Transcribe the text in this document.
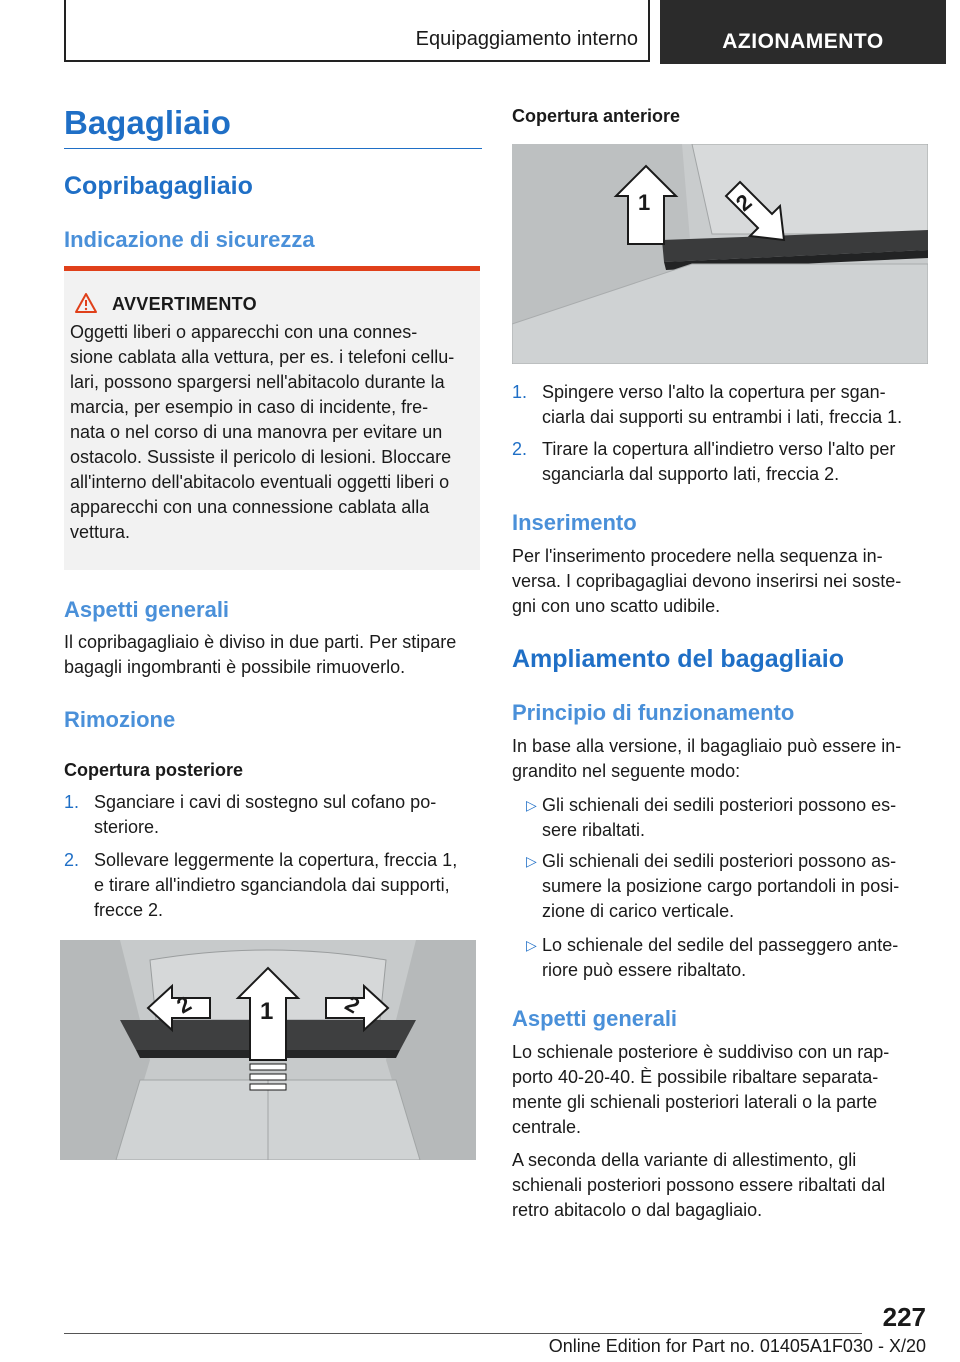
Equipaggiamento interno	AZIONAMENTO
Bagagliaio
Copribagagliaio
Indicazione di sicurezza
AVVERTIMENTO
Oggetti liberi o apparecchi con una connes-
sione cablata alla vettura, per es. i telefoni cellu-
lari, possono spargersi nell'abitacolo durante la
marcia, per esempio in caso di incidente, fre-
nata o nel corso di una manovra per evitare un
ostacolo. Sussiste il pericolo di lesioni. Bloccare
all'interno dell'abitacolo eventuali oggetti liberi o
apparecchi con una connessione cablata alla
vettura.
Aspetti generali
Il copribagagliaio è diviso in due parti. Per stipare
bagagli ingombranti è possibile rimuoverlo.
Rimozione
Copertura posteriore
1. Sganciare i cavi di sostegno sul cofano po-
steriore.
2. Sollevare leggermente la copertura, freccia 1,
e tirare all'indietro sganciandola dai supporti,
frecce 2.
2	1	2
Copertura anteriore
1	2
1. Spingere verso l'alto la copertura per sgan-
ciarla dai supporti su entrambi i lati, freccia 1.
2. Tirare la copertura all'indietro verso l'alto per
sganciarla dal supporto lati, freccia 2.
Inserimento
Per l'inserimento procedere nella sequenza in-
versa. I copribagagliai devono inserirsi nei soste-
gni con uno scatto udibile.
Ampliamento del bagagliaio
Principio di funzionamento
In base alla versione, il bagagliaio può essere in-
grandito nel seguente modo:
▷ Gli schienali dei sedili posteriori possono es-
sere ribaltati.
▷ Gli schienali dei sedili posteriori possono as-
sumere la posizione cargo portandoli in posi-
zione di carico verticale.
▷ Lo schienale del sedile del passeggero ante-
riore può essere ribaltato.
Aspetti generali
Lo schienale posteriore è suddiviso con un rap-
porto 40-20-40. È possibile ribaltare separata-
mente gli schienali posteriori laterali o la parte
centrale.
A seconda della variante di allestimento, gli
schienali posteriori possono essere ribaltati dal
retro abitacolo o dal bagagliaio.
227
Online Edition for Part no. 01405A1F030 - X/20
